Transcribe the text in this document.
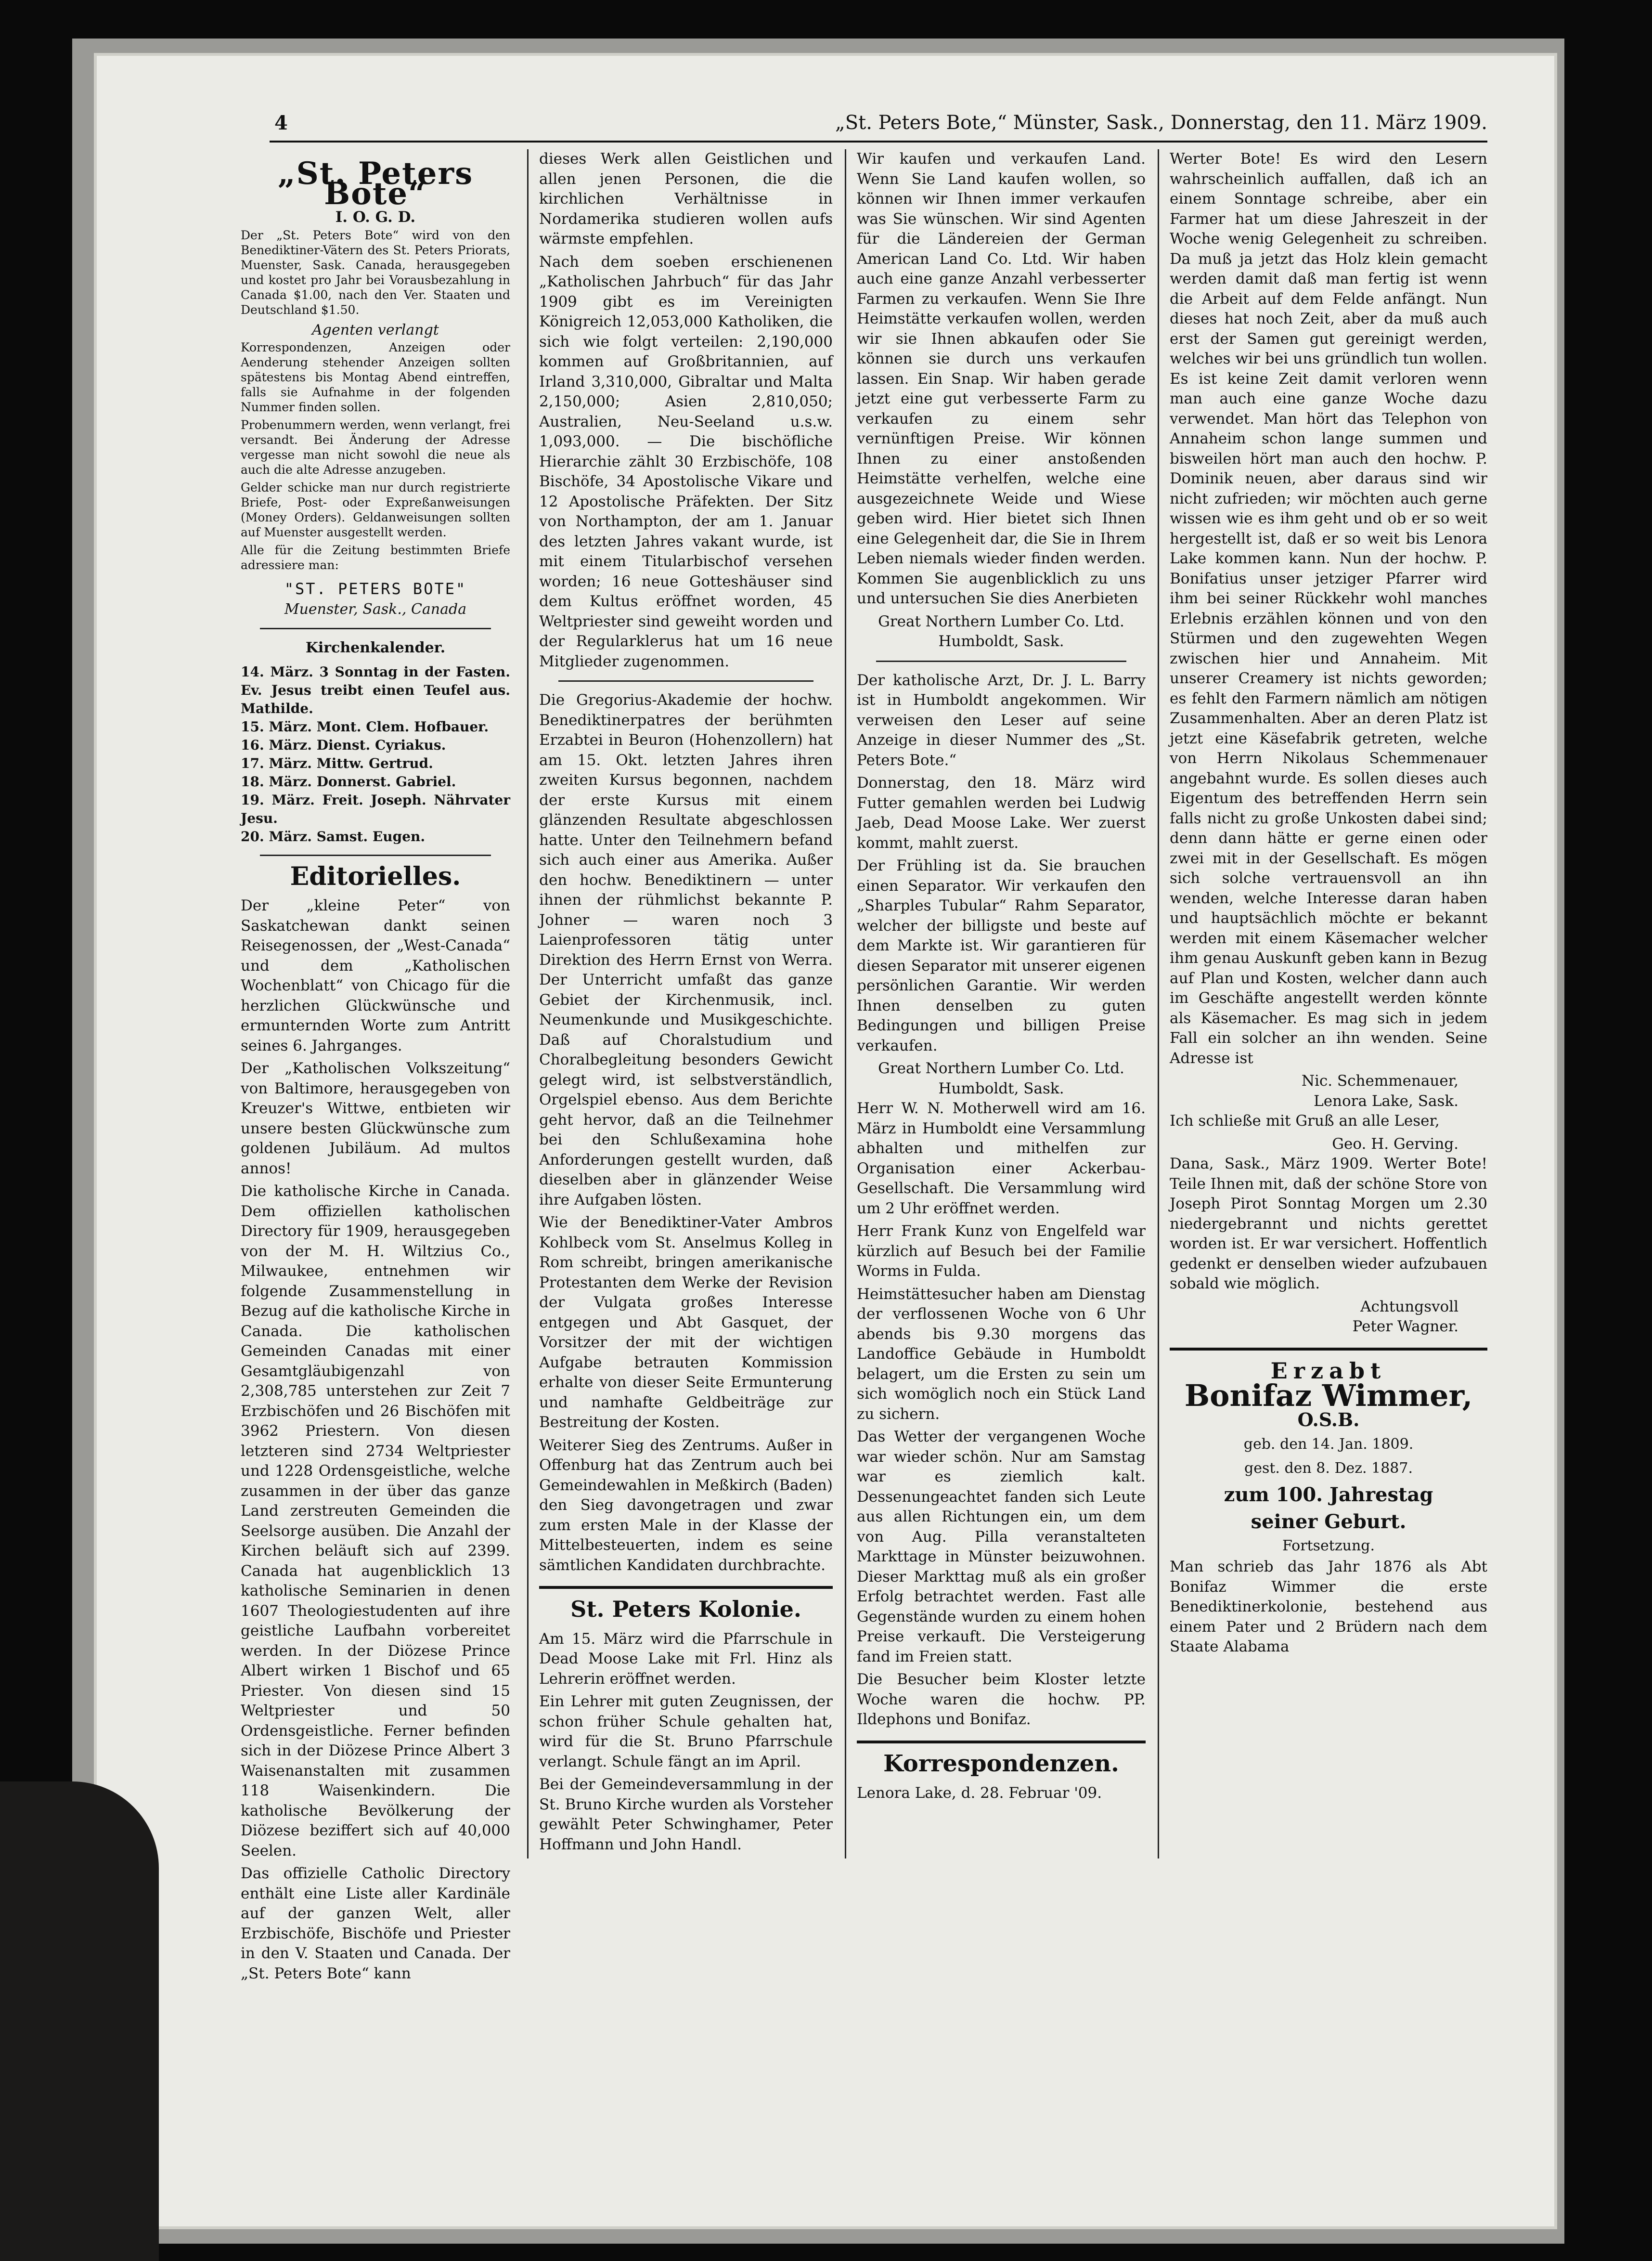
4	„St. Peters Bote,“ Münster, Sask., Donnerstag, den 11. März 1909.
„St. Peters Bote“
I. O. G. D.

Der „St. Peters Bote“ wird von den Benediktiner-Vätern des St. Peters Priorats, Muenster, Sask. Canada, herausgegeben und kostet pro Jahr bei Vorausbezahlung in Canada $1.00, nach den Ver. Staaten und Deutschland $1.50.

Agenten verlangt

Korrespondenzen, Anzeigen oder Aenderung stehender Anzeigen sollten spätestens bis Montag Abend eintreffen, falls sie Aufnahme in der folgenden Nummer finden sollen.

Probenummern werden, wenn verlangt, frei versandt. Bei Änderung der Adresse vergesse man nicht sowohl die neue als auch die alte Adresse anzugeben.

Gelder schicke man nur durch registrierte Briefe, Post- oder Expreßanweisungen (Money Orders). Geldanweisungen sollten auf Muenster ausgestellt werden.

Alle für die Zeitung bestimmten Briefe adressiere man:

"ST. PETERS BOTE"
Muenster, Sask., Canada
Kirchenkalender.
14. März. 3 Sonntag in der Fasten. Ev. Jesus treibt einen Teufel aus. Mathilde.
15. März. Mont. Clem. Hofbauer.
16. März. Dienst. Cyriakus.
17. März. Mittw. Gertrud.
18. März. Donnerst. Gabriel.
19. März. Freit. Joseph. Nährvater Jesu.
20. März. Samst. Eugen.
Editorielles.

Der „kleine Peter“ von Saskatchewan dankt seinen Reisegenossen, der „West-Canada“ und dem „Katholischen Wochenblatt“ von Chicago für die herzlichen Glückwünsche und ermunternden Worte zum Antritt seines 6. Jahrganges.

Der „Katholischen Volkszeitung“ von Baltimore, herausgegeben von Kreuzer's Wittwe, entbieten wir unsere besten Glückwünsche zum goldenen Jubiläum. Ad multos annos!

Die katholische Kirche in Canada. Dem offiziellen katholischen Directory für 1909, herausgegeben von der M. H. Wiltzius Co., Milwaukee, entnehmen wir folgende Zusammenstellung in Bezug auf die katholische Kirche in Canada. Die katholischen Gemeinden Canadas mit einer Gesamtgläubigenzahl von 2,308,785 unterstehen zur Zeit 7 Erzbischöfen und 26 Bischöfen mit 3962 Priestern. Von diesen letzteren sind 2734 Weltpriester und 1228 Ordensgeistliche, welche zusammen in der über das ganze Land zerstreuten Gemeinden die Seelsorge ausüben. Die Anzahl der Kirchen beläuft sich auf 2399. Canada hat augenblicklich 13 katholische Seminarien in denen 1607 Theologiestudenten auf ihre geistliche Laufbahn vorbereitet werden. In der Diözese Prince Albert wirken 1 Bischof und 65 Priester. Von diesen sind 15 Weltpriester und 50 Ordensgeistliche. Ferner befinden sich in der Diözese Prince Albert 3 Waisenanstalten mit zusammen 118 Waisenkindern. Die katholische Bevölkerung der Diözese beziffert sich auf 40,000 Seelen.

Das offizielle Catholic Directory enthält eine Liste aller Kardinäle auf der ganzen Welt, aller Erzbischöfe, Bischöfe und Priester in den V. Staaten und Canada. Der „St. Peters Bote“ kann

dieses Werk allen Geistlichen und allen jenen Personen, die die kirchlichen Verhältnisse in Nordamerika studieren wollen aufs wärmste empfehlen.

Nach dem soeben erschienenen „Katholischen Jahrbuch“ für das Jahr 1909 gibt es im Vereinigten Königreich 12,053,000 Katholiken, die sich wie folgt verteilen: 2,190,000 kommen auf Großbritannien, auf Irland 3,310,000, Gibraltar und Malta 2,150,000; Asien 2,810,050; Australien, Neu-Seeland u.s.w. 1,093,000. — Die bischöfliche Hierarchie zählt 30 Erzbischöfe, 108 Bischöfe, 34 Apostolische Vikare und 12 Apostolische Präfekten. Der Sitz von Northampton, der am 1. Januar des letzten Jahres vakant wurde, ist mit einem Titularbischof versehen worden; 16 neue Gotteshäuser sind dem Kultus eröffnet worden, 45 Weltpriester sind geweiht worden und der Regularklerus hat um 16 neue Mitglieder zugenommen.

Die Gregorius-Akademie der hochw. Benediktinerpatres der berühmten Erzabtei in Beuron (Hohenzollern) hat am 15. Okt. letzten Jahres ihren zweiten Kursus begonnen, nachdem der erste Kursus mit einem glänzenden Resultate abgeschlossen hatte. Unter den Teilnehmern befand sich auch einer aus Amerika. Außer den hochw. Benediktinern — unter ihnen der rühmlichst bekannte P. Johner — waren noch 3 Laienprofessoren tätig unter Direktion des Herrn Ernst von Werra. Der Unterricht umfaßt das ganze Gebiet der Kirchenmusik, incl. Neumenkunde und Musikgeschichte. Daß auf Choralstudium und Choralbegleitung besonders Gewicht gelegt wird, ist selbstverständlich, Orgelspiel ebenso. Aus dem Berichte geht hervor, daß an die Teilnehmer bei den Schlußexamina hohe Anforderungen gestellt wurden, daß dieselben aber in glänzender Weise ihre Aufgaben lösten.

Wie der Benediktiner-Vater Ambros Kohlbeck vom St. Anselmus Kolleg in Rom schreibt, bringen amerikanische Protestanten dem Werke der Revision der Vulgata großes Interesse entgegen und Abt Gasquet, der Vorsitzer der mit der wichtigen Aufgabe betrauten Kommission erhalte von dieser Seite Ermunterung und namhafte Geldbeiträge zur Bestreitung der Kosten.

Weiterer Sieg des Zentrums. Außer in Offenburg hat das Zentrum auch bei Gemeindewahlen in Meßkirch (Baden) den Sieg davongetragen und zwar zum ersten Male in der Klasse der Mittelbesteuerten, indem es seine sämtlichen Kandidaten durchbrachte.

St. Peters Kolonie.

Am 15. März wird die Pfarrschule in Dead Moose Lake mit Frl. Hinz als Lehrerin eröffnet werden.

Ein Lehrer mit guten Zeugnissen, der schon früher Schule gehalten hat, wird für die St. Bruno Pfarrschule verlangt. Schule fängt an im April.

Bei der Gemeindeversammlung in der St. Bruno Kirche wurden als Vorsteher gewählt Peter Schwinghamer, Peter Hoffmann und John Handl.

Wir kaufen und verkaufen Land. Wenn Sie Land kaufen wollen, so können wir Ihnen immer verkaufen was Sie wünschen. Wir sind Agenten für die Ländereien der German American Land Co. Ltd. Wir haben auch eine ganze Anzahl verbesserter Farmen zu verkaufen. Wenn Sie Ihre Heimstätte verkaufen wollen, werden wir sie Ihnen abkaufen oder Sie können sie durch uns verkaufen lassen. Ein Snap. Wir haben gerade jetzt eine gut verbesserte Farm zu verkaufen zu einem sehr vernünftigen Preise. Wir können Ihnen zu einer anstoßenden Heimstätte verhelfen, welche eine ausgezeichnete Weide und Wiese geben wird. Hier bietet sich Ihnen eine Gelegenheit dar, die Sie in Ihrem Leben niemals wieder finden werden. Kommen Sie augenblicklich zu uns und untersuchen Sie dies Anerbieten

Great Northern Lumber Co. Ltd.
Humboldt, Sask.

Der katholische Arzt, Dr. J. L. Barry ist in Humboldt angekommen. Wir verweisen den Leser auf seine Anzeige in dieser Nummer des „St. Peters Bote.“

Donnerstag, den 18. März wird Futter gemahlen werden bei Ludwig Jaeb, Dead Moose Lake. Wer zuerst kommt, mahlt zuerst.

Der Frühling ist da. Sie brauchen einen Separator. Wir verkaufen den „Sharples Tubular“ Rahm Separator, welcher der billigste und beste auf dem Markte ist. Wir garantieren für diesen Separator mit unserer eigenen persönlichen Garantie. Wir werden Ihnen denselben zu guten Bedingungen und billigen Preise verkaufen.

Great Northern Lumber Co. Ltd.
Humboldt, Sask.

Herr W. N. Motherwell wird am 16. März in Humboldt eine Versammlung abhalten und mithelfen zur Organisation einer Ackerbau-Gesellschaft. Die Versammlung wird um 2 Uhr eröffnet werden.

Herr Frank Kunz von Engelfeld war kürzlich auf Besuch bei der Familie Worms in Fulda.

Heimstättesucher haben am Dienstag der verflossenen Woche von 6 Uhr abends bis 9.30 morgens das Landoffice Gebäude in Humboldt belagert, um die Ersten zu sein um sich womöglich noch ein Stück Land zu sichern.

Das Wetter der vergangenen Woche war wieder schön. Nur am Samstag war es ziemlich kalt. Dessenungeachtet fanden sich Leute aus allen Richtungen ein, um dem von Aug. Pilla veranstalteten Markttage in Münster beizuwohnen. Dieser Markttag muß als ein großer Erfolg betrachtet werden. Fast alle Gegenstände wurden zu einem hohen Preise verkauft. Die Versteigerung fand im Freien statt.

Die Besucher beim Kloster letzte Woche waren die hochw. PP. Ildephons und Bonifaz.

Korrespondenzen.

Lenora Lake, d. 28. Februar '09.

Werter Bote! Es wird den Lesern wahrscheinlich auffallen, daß ich an einem Sonntage schreibe, aber ein Farmer hat um diese Jahreszeit in der Woche wenig Gelegenheit zu schreiben. Da muß ja jetzt das Holz klein gemacht werden damit daß man fertig ist wenn die Arbeit auf dem Felde anfängt. Nun dieses hat noch Zeit, aber da muß auch erst der Samen gut gereinigt werden, welches wir bei uns gründlich tun wollen. Es ist keine Zeit damit verloren wenn man auch eine ganze Woche dazu verwendet. Man hört das Telephon von Annaheim schon lange summen und bisweilen hört man auch den hochw. P. Dominik neuen, aber daraus sind wir nicht zufrieden; wir möchten auch gerne wissen wie es ihm geht und ob er so weit hergestellt ist, daß er so weit bis Lenora Lake kommen kann. Nun der hochw. P. Bonifatius unser jetziger Pfarrer wird ihm bei seiner Rückkehr wohl manches Erlebnis erzählen können und von den Stürmen und den zugewehten Wegen zwischen hier und Annaheim. Mit unserer Creamery ist nichts geworden; es fehlt den Farmern nämlich am nötigen Zusammenhalten. Aber an deren Platz ist jetzt eine Käsefabrik getreten, welche von Herrn Nikolaus Schemmenauer angebahnt wurde. Es sollen dieses auch Eigentum des betreffenden Herrn sein falls nicht zu große Unkosten dabei sind; denn dann hätte er gerne einen oder zwei mit in der Gesellschaft. Es mögen sich solche vertrauensvoll an ihn wenden, welche Interesse daran haben und hauptsächlich möchte er bekannt werden mit einem Käsemacher welcher ihm genau Auskunft geben kann in Bezug auf Plan und Kosten, welcher dann auch im Geschäfte angestellt werden könnte als Käsemacher. Es mag sich in jedem Fall ein solcher an ihn wenden. Seine Adresse ist

Nic. Schemmenauer,
Lenora Lake, Sask.

Ich schließe mit Gruß an alle Leser,

Geo. H. Gerving.

Dana, Sask., März 1909. Werter Bote! Teile Ihnen mit, daß der schöne Store von Joseph Pirot Sonntag Morgen um 2.30 niedergebrannt und nichts gerettet worden ist. Er war versichert. Hoffentlich gedenkt er denselben wieder aufzubauen sobald wie möglich.

Achtungsvoll
Peter Wagner.
Erzabt
Bonifaz Wimmer, O.S.B.
geb. den 14. Jan. 1809.
gest. den 8. Dez. 1887.
zum 100. Jahrestag
seiner Geburt.
Fortsetzung.

Man schrieb das Jahr 1876 als Abt Bonifaz Wimmer die erste Benediktinerkolonie, bestehend aus einem Pater und 2 Brüdern nach dem Staate Alabama
